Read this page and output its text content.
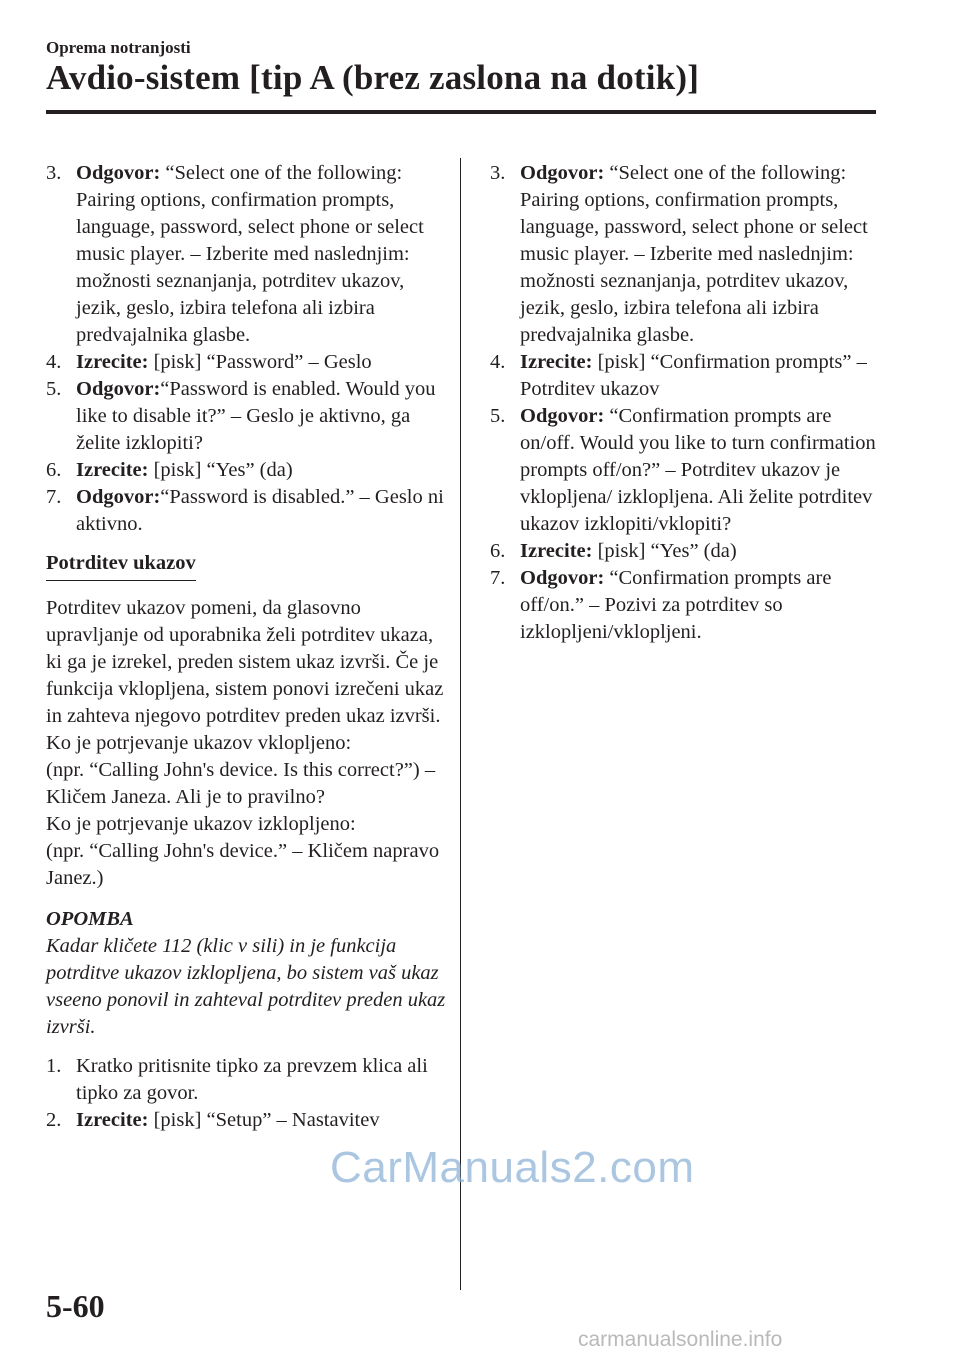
Oprema notranjosti
Avdio-sistem [tip A (brez zaslona na dotik)]
3. Odgovor: “Select one of the following: Pairing options, confirmation prompts, language, password, select phone or select music player. – Izberite med naslednjim: možnosti seznanjanja, potrditev ukazov, jezik, geslo, izbira telefona ali izbira predvajalnika glasbe.
4. Izrecite: [pisk] “Password” – Geslo
5. Odgovor:“Password is enabled. Would you like to disable it?” – Geslo je aktivno, ga želite izklopiti?
6. Izrecite: [pisk] “Yes” (da)
7. Odgovor:“Password is disabled.” – Geslo ni aktivno.
Potrditev ukazov

Potrditev ukazov pomeni, da glasovno upravljanje od uporabnika želi potrditev ukaza, ki ga je izrekel, preden sistem ukaz izvrši. Če je funkcija vklopljena, sistem ponovi izrečeni ukaz in zahteva njegovo potrditev preden ukaz izvrši.

Ko je potrjevanje ukazov vklopljeno:

(npr. “Calling John's device. Is this correct?”) – Kličem Janeza. Ali je to pravilno?

Ko je potrjevanje ukazov izklopljeno:

(npr. “Calling John's device.” – Kličem napravo Janez.)

OPOMBA
Kadar kličete 112 (klic v sili) in je funkcija potrditve ukazov izklopljena, bo sistem vaš ukaz vseeno ponovil in zahteval potrditev preden ukaz izvrši.
1. Kratko pritisnite tipko za prevzem klica ali tipko za govor.
2. Izrecite: [pisk] “Setup” – Nastavitev
3. Odgovor: “Select one of the following: Pairing options, confirmation prompts, language, password, select phone or select music player. – Izberite med naslednjim: možnosti seznanjanja, potrditev ukazov, jezik, geslo, izbira telefona ali izbira predvajalnika glasbe.
4. Izrecite: [pisk] “Confirmation prompts” – Potrditev ukazov
5. Odgovor: “Confirmation prompts are on/off. Would you like to turn confirmation prompts off/on?” – Potrditev ukazov je vklopljena/ izklopljena. Ali želite potrditev ukazov izklopiti/vklopiti?
6. Izrecite: [pisk] “Yes” (da)
7. Odgovor: “Confirmation prompts are off/on.” – Pozivi za potrditev so izklopljeni/vklopljeni.
CarManuals2.com
5-60
carmanualsonline.info
